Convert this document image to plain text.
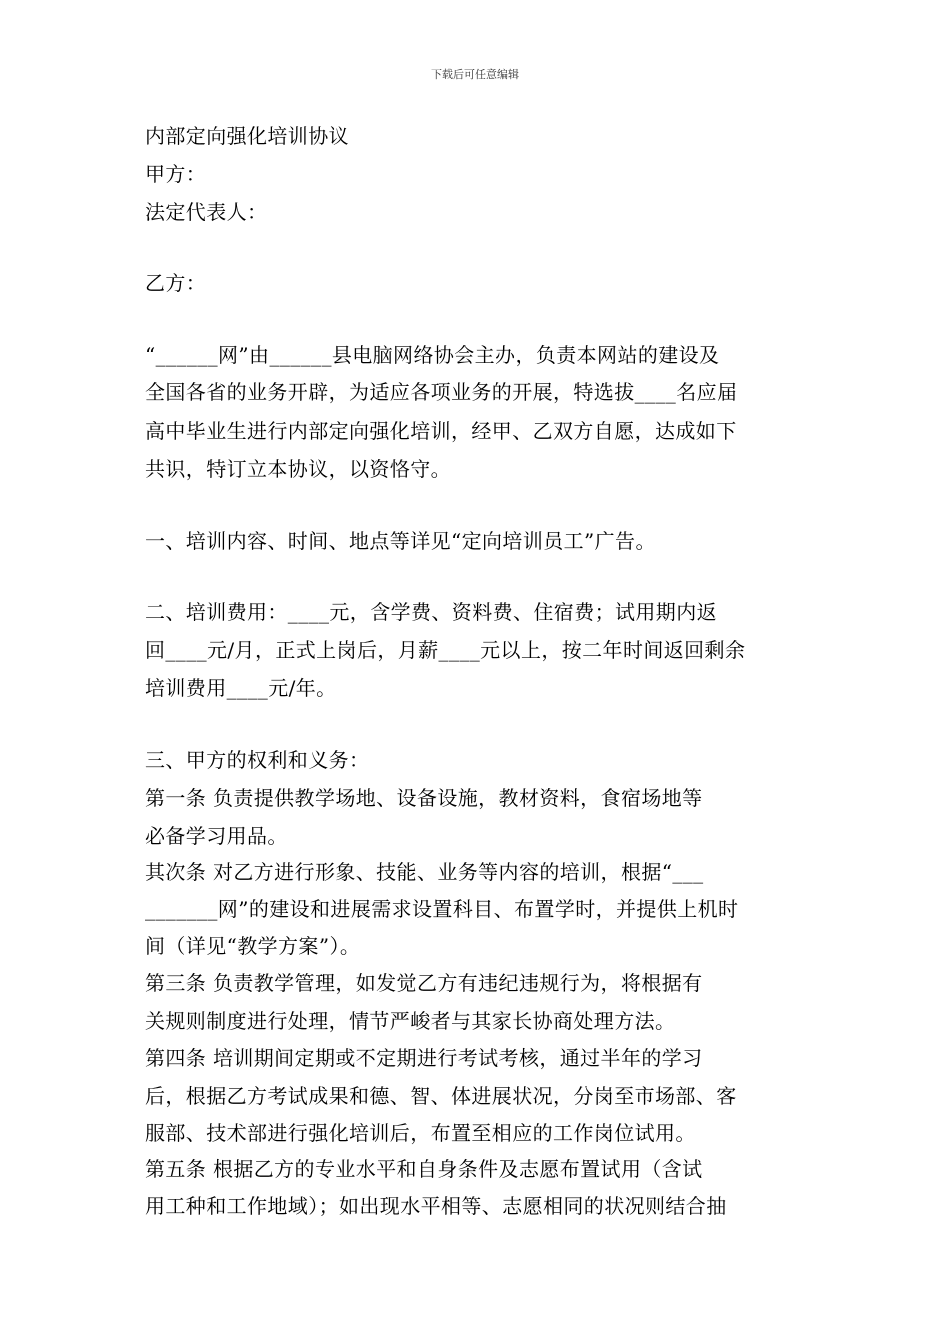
下载后可任意编辑
内部定向强化培训协议
甲方：
法定代表人：
乙方：
“______网”由______县电脑网络协会主办，负责本网站的建设及
全国各省的业务开辟，为适应各项业务的开展，特选拔____名应届
高中毕业生进行内部定向强化培训，经甲、乙双方自愿，达成如下
共识，特订立本协议，以资恪守。
一、培训内容、时间、地点等详见“定向培训员工”广告。
二、培训费用：____元，含学费、资料费、住宿费；试用期内返
回____元/月，正式上岗后，月薪____元以上，按二年时间返回剩余
培训费用____元/年。
三、甲方的权利和义务：
第一条 负责提供教学场地、设备设施，教材资料，食宿场地等
必备学习用品。
其次条 对乙方进行形象、技能、业务等内容的培训，根据“___
_______网”的建设和进展需求设置科目、布置学时，并提供上机时
间（详见“教学方案”）。
第三条 负责教学管理，如发觉乙方有违纪违规行为，将根据有
关规则制度进行处理，情节严峻者与其家长协商处理方法。
第四条 培训期间定期或不定期进行考试考核，通过半年的学习
后，根据乙方考试成果和德、智、体进展状况，分岗至市场部、客
服部、技术部进行强化培训后，布置至相应的工作岗位试用。
第五条 根据乙方的专业水平和自身条件及志愿布置试用（含试
用工种和工作地域）；如出现水平相等、志愿相同的状况则结合抽
